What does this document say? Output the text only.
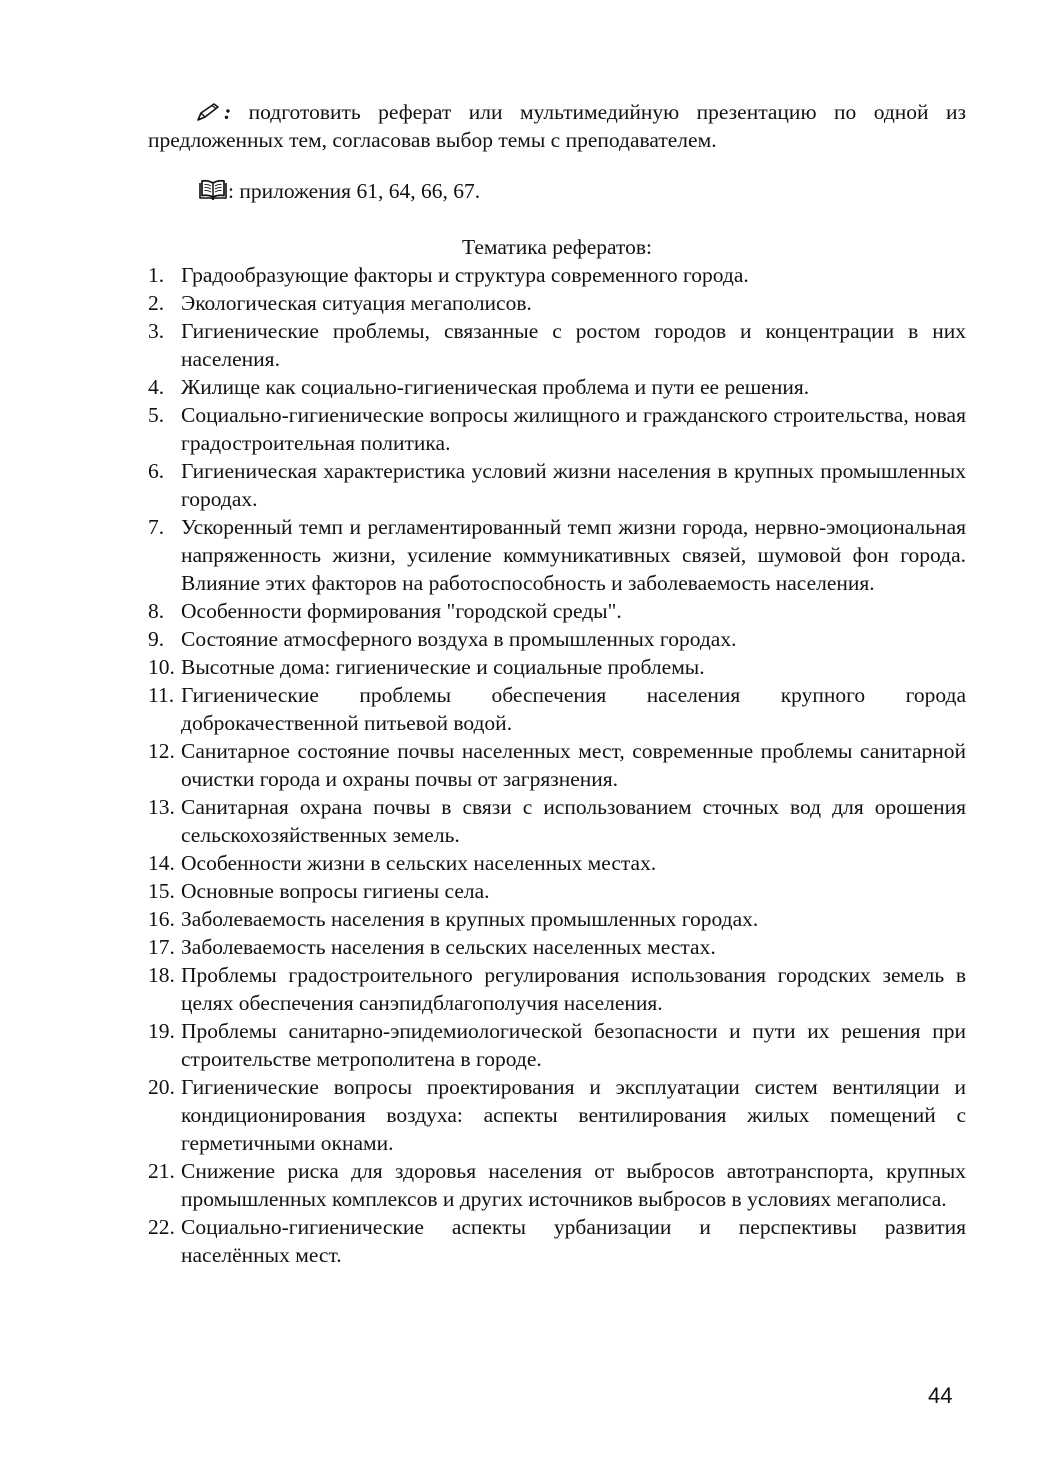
: подготовить реферат или мультимедийную презентацию по одной из предложенных тем, согласовав выбор темы с преподавателем.

: приложения 61, 64, 66, 67.
Тематика рефератов:
1. Градообразующие факторы и структура современного города.
2. Экологическая ситуация мегаполисов.
3. Гигиенические проблемы, связанные с ростом городов и концентрации в них населения.
4. Жилище как социально-гигиеническая проблема и пути ее решения.
5. Социально-гигиенические вопросы жилищного и гражданского строительства, новая градостроительная политика.
6. Гигиеническая характеристика условий жизни населения в крупных промышленных городах.
7. Ускоренный темп и регламентированный темп жизни города, нервно-эмоциональная напряженность жизни, усиление коммуникативных связей, шумовой фон города. Влияние этих факторов на работоспособность и заболеваемость населения.
8. Особенности формирования "городской среды".
9. Состояние атмосферного воздуха в промышленных городах.
10. Высотные дома: гигиенические и социальные проблемы.
11. Гигиенические проблемы обеспечения населения крупного города доброкачественной питьевой водой.
12. Санитарное состояние почвы населенных мест, современные проблемы санитарной очистки города и охраны почвы от загрязнения.
13. Санитарная охрана почвы в связи с использованием сточных вод для орошения сельскохозяйственных земель.
14. Особенности жизни в сельских населенных местах.
15. Основные вопросы гигиены села.
16. Заболеваемость населения в крупных промышленных городах.
17. Заболеваемость населения в сельских населенных местах.
18. Проблемы градостроительного регулирования использования городских земель в целях обеспечения санэпидблагополучия населения.
19. Проблемы санитарно-эпидемиологической безопасности и пути их решения при строительстве метрополитена в городе.
20. Гигиенические вопросы проектирования и эксплуатации систем вентиляции и кондиционирования воздуха: аспекты вентилирования жилых помещений с герметичными окнами.
21. Снижение риска для здоровья населения от выбросов автотранспорта, крупных промышленных комплексов и других источников выбросов в условиях мегаполиса.
22. Социально-гигиенические аспекты урбанизации и перспективы развития населённых мест.
44
